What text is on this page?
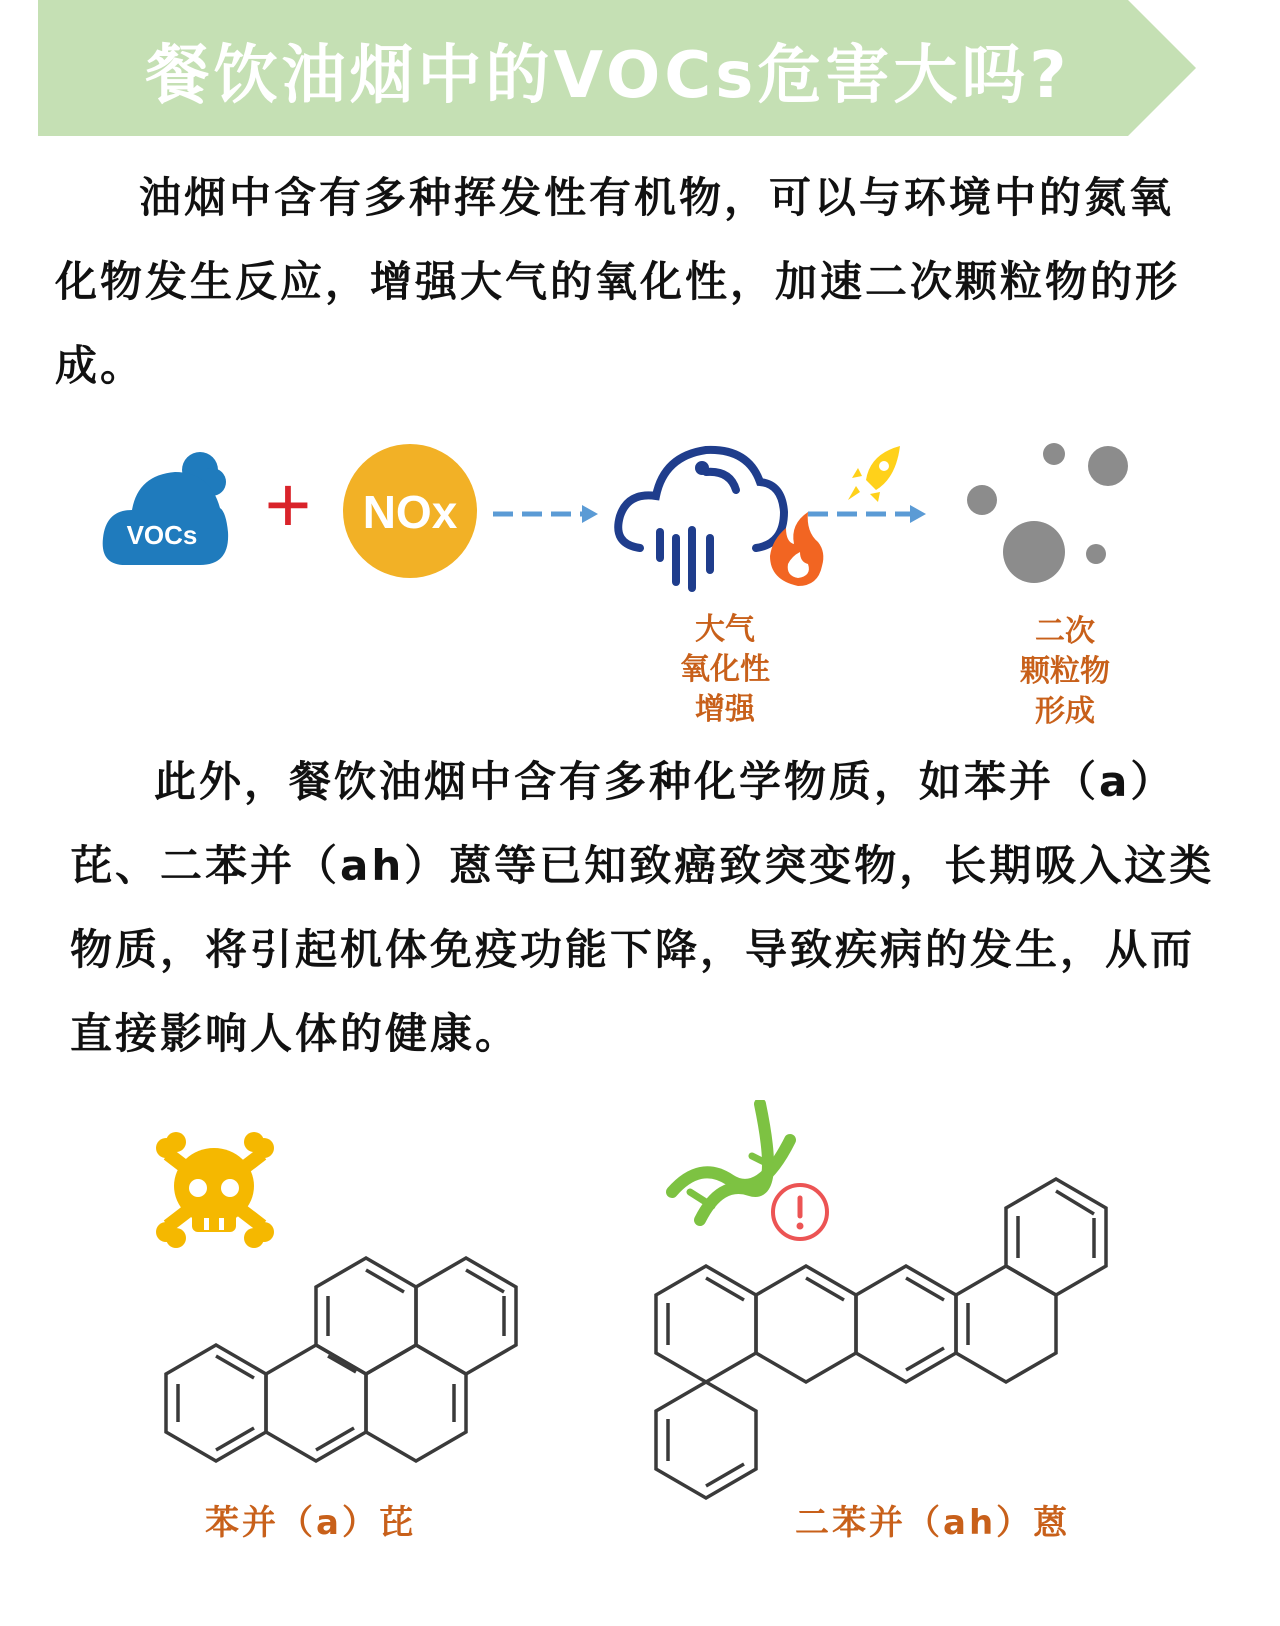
餐饮油烟中的VOCs危害大吗?

油烟中含有多种挥发性有机物，可以与环境中的氮氧化物发生反应，增强大气的氧化性，加速二次颗粒物的形成。

VOCs + NOx
大气
氧化性
增强
二次
颗粒物
形成

此外，餐饮油烟中含有多种化学物质，如苯并（a）芘、二苯并（ah）蒽等已知致癌致突变物，长期吸入这类物质，将引起机体免疫功能下降，导致疾病的发生，从而直接影响人体的健康。

苯并（a）芘	二苯并（ah）蒽
